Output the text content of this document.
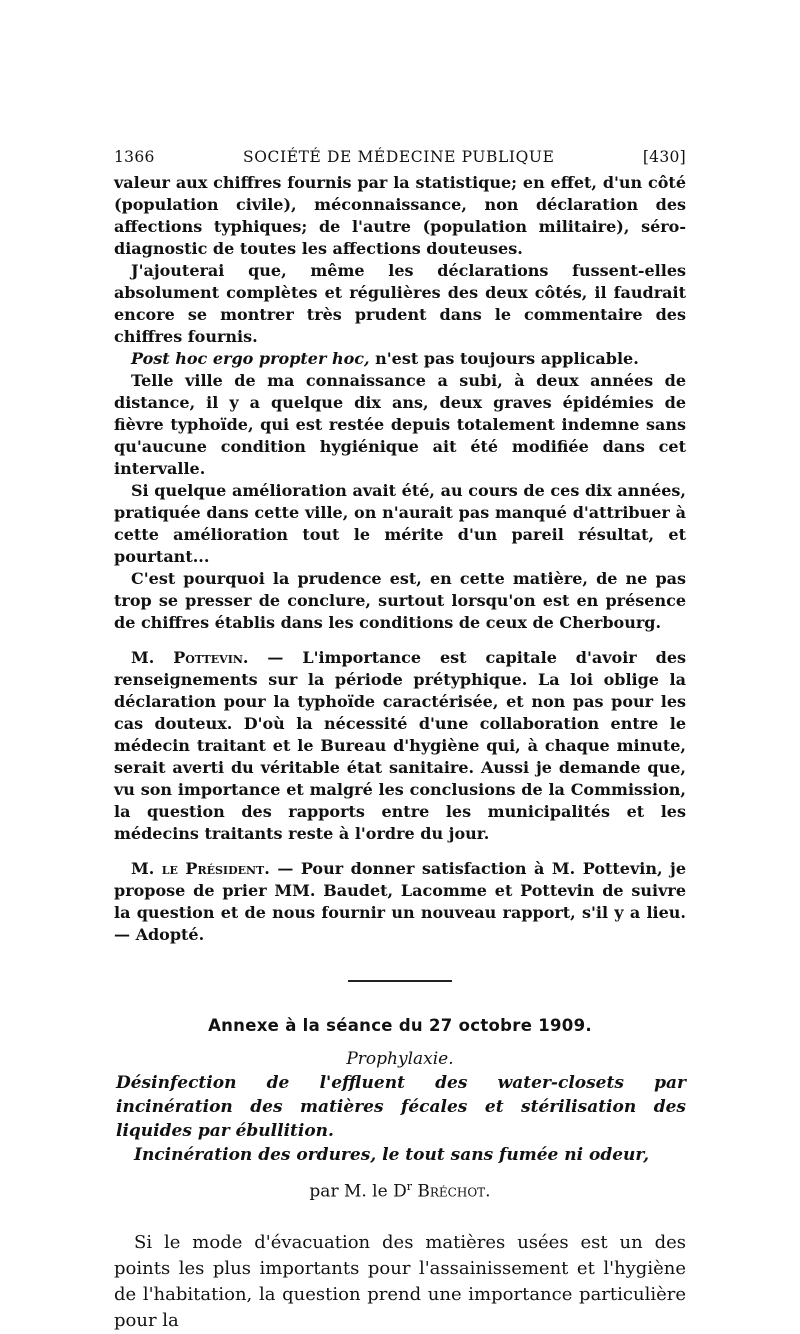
1366	SOCIÉTÉ DE MÉDECINE PUBLIQUE	[430]

valeur aux chiffres fournis par la statistique; en effet, d'un côté (population civile), méconnaissance, non déclaration des affections typhiques; de l'autre (population militaire), séro-diagnostic de toutes les affections douteuses.

J'ajouterai que, même les déclarations fussent-elles absolument complètes et régulières des deux côtés, il faudrait encore se montrer très prudent dans le commentaire des chiffres fournis.

Post hoc ergo propter hoc, n'est pas toujours applicable.

Telle ville de ma connaissance a subi, à deux années de distance, il y a quelque dix ans, deux graves épidémies de fièvre typhoïde, qui est restée depuis totalement indemne sans qu'aucune condition hygiénique ait été modifiée dans cet intervalle.

Si quelque amélioration avait été, au cours de ces dix années, pratiquée dans cette ville, on n'aurait pas manqué d'attribuer à cette amélioration tout le mérite d'un pareil résultat, et pourtant...

C'est pourquoi la prudence est, en cette matière, de ne pas trop se presser de conclure, surtout lorsqu'on est en présence de chiffres établis dans les conditions de ceux de Cherbourg.

M. Pottevin. — L'importance est capitale d'avoir des renseignements sur la période prétyphique. La loi oblige la déclaration pour la typhoïde caractérisée, et non pas pour les cas douteux. D'où la nécessité d'une collaboration entre le médecin traitant et le Bureau d'hygiène qui, à chaque minute, serait averti du véritable état sanitaire. Aussi je demande que, vu son importance et malgré les conclusions de la Commission, la question des rapports entre les municipalités et les médecins traitants reste à l'ordre du jour.

M. le Président. — Pour donner satisfaction à M. Pottevin, je propose de prier MM. Baudet, Lacomme et Pottevin de suivre la question et de nous fournir un nouveau rapport, s'il y a lieu. — Adopté.

Annexe à la séance du 27 octobre 1909.
Prophylaxie.
Désinfection de l'effluent des water-closets par incinération des matières fécales et stérilisation des liquides par ébullition.
Incinération des ordures, le tout sans fumée ni odeur,
par M. le $D^r$ Bréchot.

Si le mode d'évacuation des matières usées est un des points les plus importants pour l'assainissement et l'hygiène de l'habitation, la question prend une importance particulière pour la
